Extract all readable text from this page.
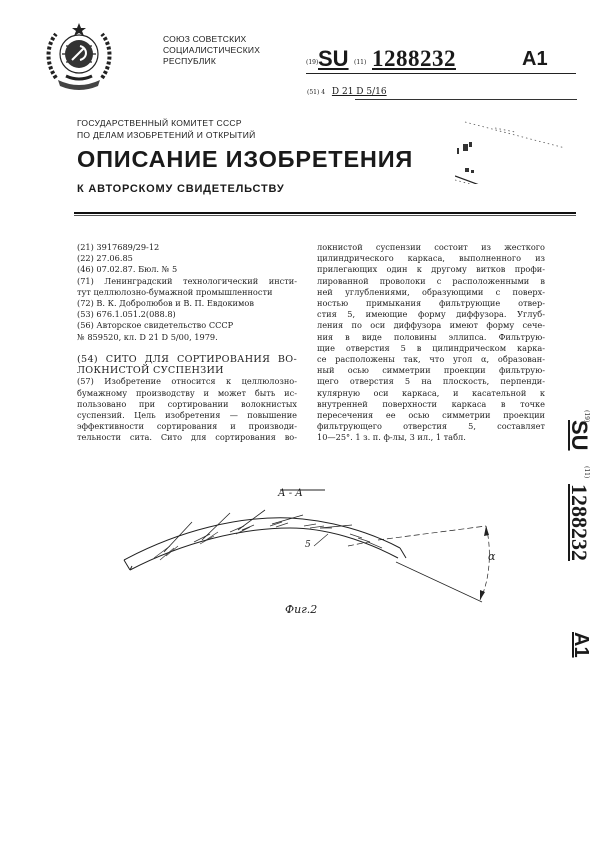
СОЮЗ СОВЕТСКИХ
СОЦИАЛИСТИЧЕСКИХ
РЕСПУБЛИК
ГОСУДАРСТВЕННЫЙ КОМИТЕТ СССР
ПО ДЕЛАМ ИЗОБРЕТЕНИЙ И ОТКРЫТИЙ
(19) SU (11) 1288232	A1
(51) 4 D 21 D 5/16
ОПИСАНИЕ ИЗОБРЕТЕНИЯ
К АВТОРСКОМУ СВИДЕТЕЛЬСТВУ
(21) 3917689/29-12
(22) 27.06.85
(46) 07.02.87. Бюл. № 5
(71) Ленинградский технологический инсти-
тут целлюлозно-бумажной промышленности
(72) В. К. Добролюбов и В. П. Евдокимов
(53) 676.1.051.2(088.8)
(56) Авторское свидетельство СССР
№ 859520, кл. D 21 D 5/00, 1979.
(54) СИТО ДЛЯ СОРТИРОВАНИЯ ВО-
ЛОКНИСТОЙ СУСПЕНЗИИ
(57) Изобретение относится к целлюлозно-
бумажному производству и может быть ис-
пользовано при сортировании волокнистых
суспензий. Цель изобретения — повышение
эффективности сортирования и производи-
тельности сита. Сито для сортирования во-
локнистой суспензии состоит из жесткого
цилиндрического каркаса, выполненного из
прилегающих один к другому витков профи-
лированной проволоки с расположенными в
ней углублениями, образующими с поверх-
ностью примыкания фильтрующие отвер-
стия 5, имеющие форму диффузора. Углуб-
ления по оси диффузора имеют форму сече-
ния в виде половины эллипса. Фильтрую-
щие отверстия 5 в цилиндрическом карка-
се расположены так, что угол α, образован-
ный осью симметрии проекции фильтрую-
щего отверстия 5 на плоскость, перпенди-
кулярную оси каркаса, и касательной к
внутренней поверхности каркаса в точке
пересечения ее осью симметрии проекции
фильтрующего отверстия 5, составляет
10—25°. 1 з. п. ф-лы, 3 ил., 1 табл.
(19)
SU
(11)
1288232
A1
А - А
5
α
Фиг.2
